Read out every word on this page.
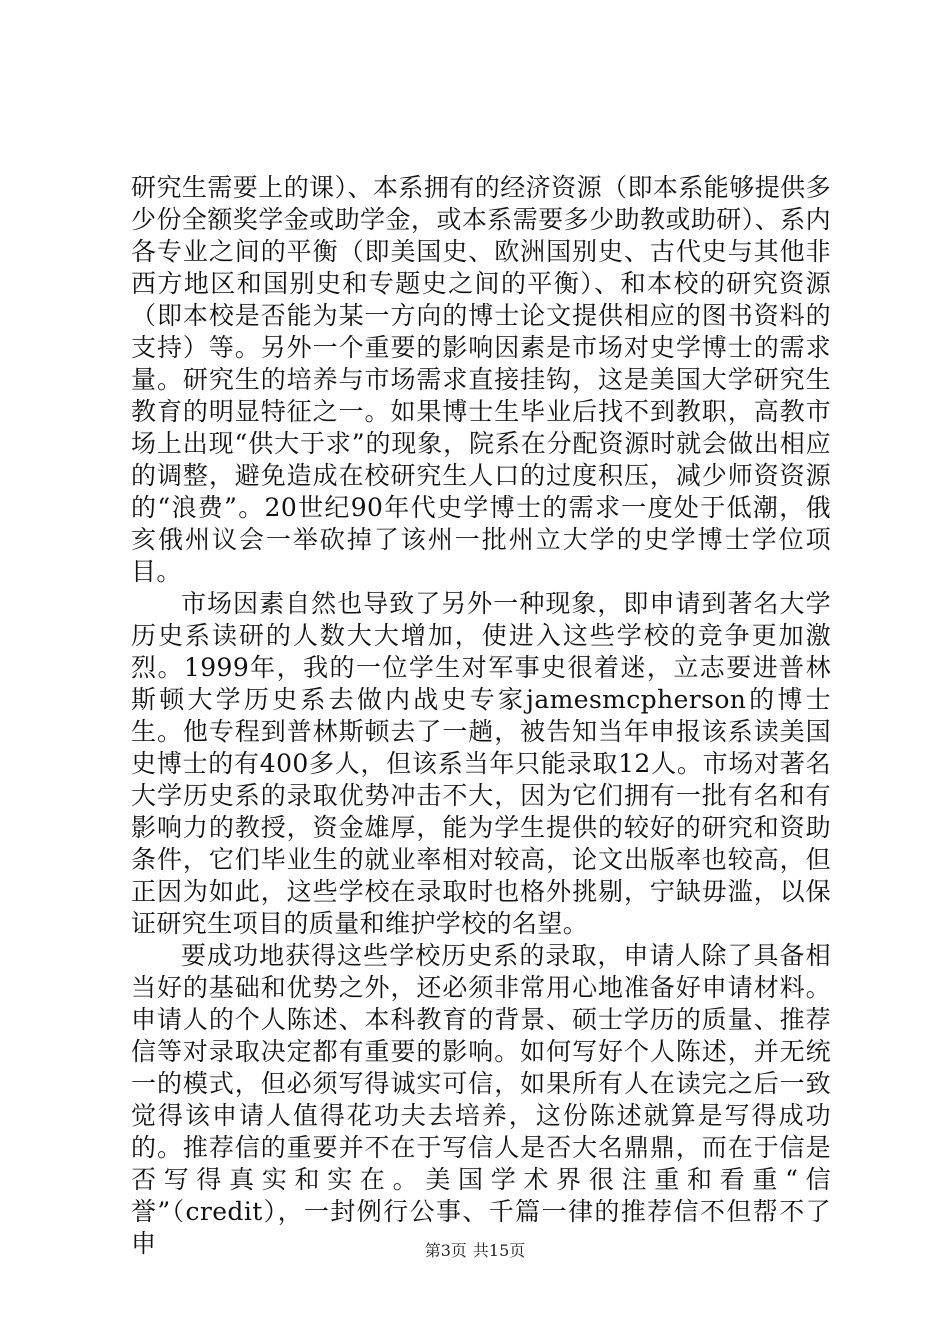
研究生需要上的课）、本系拥有的经济资源（即本系能够提供多少份全额奖学金或助学金，或本系需要多少助教或助研）、系内各专业之间的平衡（即美国史、欧洲国别史、古代史与其他非西方地区和国别史和专题史之间的平衡）、和本校的研究资源（即本校是否能为某一方向的博士论文提供相应的图书资料的支持）等。另外一个重要的影响因素是市场对史学博士的需求量。研究生的培养与市场需求直接挂钩，这是美国大学研究生教育的明显特征之一。如果博士生毕业后找不到教职，高教市场上出现“供大于求”的现象，院系在分配资源时就会做出相应的调整，避免造成在校研究生人口的过度积压，减少师资资源的“浪费”。20世纪90年代史学博士的需求一度处于低潮，俄亥俄州议会一举砍掉了该州一批州立大学的史学博士学位项目。

市场因素自然也导致了另外一种现象，即申请到著名大学历史系读研的人数大大增加，使进入这些学校的竞争更加激烈。1999年，我的一位学生对军事史很着迷，立志要进普林斯顿大学历史系去做内战史专家jamesmcpherson的博士生。他专程到普林斯顿去了一趟，被告知当年申报该系读美国史博士的有400多人，但该系当年只能录取12人。市场对著名大学历史系的录取优势冲击不大，因为它们拥有一批有名和有影响力的教授，资金雄厚，能为学生提供的较好的研究和资助条件，它们毕业生的就业率相对较高，论文出版率也较高，但正因为如此，这些学校在录取时也格外挑剔，宁缺毋滥，以保证研究生项目的质量和维护学校的名望。

要成功地获得这些学校历史系的录取，申请人除了具备相当好的基础和优势之外，还必须非常用心地准备好申请材料。申请人的个人陈述、本科教育的背景、硕士学历的质量、推荐信等对录取决定都有重要的影响。如何写好个人陈述，并无统一的模式，但必须写得诚实可信，如果所有人在读完之后一致觉得该申请人值得花功夫去培养，这份陈述就算是写得成功的。推荐信的重要并不在于写信人是否大名鼎鼎，而在于信是否写得真实和实在。美国学术界很注重和看重“信誉”（credit），一封例行公事、千篇一律的推荐信不但帮不了申	第3页 共15页
